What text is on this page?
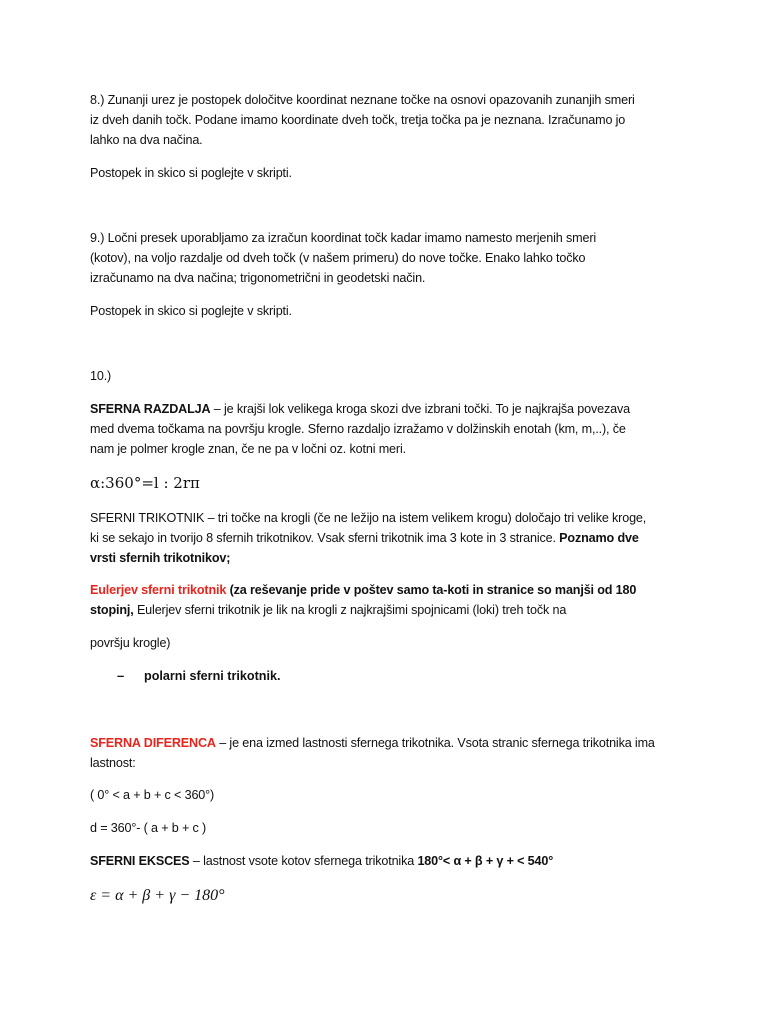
8.) Zunanji urez je postopek določitve koordinat neznane točke na osnovi opazovanih zunanjih smeri
iz dveh danih točk. Podane imamo koordinate dveh točk, tretja točka pa je neznana. Izračunamo jo
lahko na dva načina.
Postopek in skico si poglejte v skripti.
9.) Ločni presek uporabljamo za izračun koordinat točk kadar imamo namesto merjenih smeri
(kotov), na voljo razdalje od dveh točk (v našem primeru) do nove točke. Enako lahko točko
izračunamo na dva načina; trigonometrični in geodetski način.
Postopek in skico si poglejte v skripti.
10.)
SFERNA RAZDALJA – je krajši lok velikega kroga skozi dve izbrani točki. To je najkrajša povezava
med dvema točkama na površju krogle. Sferno razdaljo izražamo v dolžinskih enotah (km, m,..), če
nam je polmer krogle znan, če ne pa v ločni oz. kotni meri.
α:360°=l : 2rπ
SFERNI TRIKOTNIK – tri točke na krogli (če ne ležijo na istem velikem krogu) določajo tri velike kroge,
ki se sekajo in tvorijo 8 sfernih trikotnikov. Vsak sferni trikotnik ima 3 kote in 3 stranice. Poznamo dve
vrsti sfernih trikotnikov;
Eulerjev sferni trikotnik (za reševanje pride v poštev samo ta-koti in stranice so manjši od 180
stopinj, Eulerjev sferni trikotnik je lik na krogli z najkrajšimi spojnicami (loki) treh točk na
površju krogle)
– polarni sferni trikotnik.
SFERNA DIFERENCA – je ena izmed lastnosti sfernega trikotnika. Vsota stranic sfernega trikotnika ima
lastnost:
( 0° < a + b + c < 360°)
d = 360°- ( a + b + c )
SFERNI EKSCES – lastnost vsote kotov sfernega trikotnika 180°< α + β + γ + < 540°
ε = α + β + γ − 180°
